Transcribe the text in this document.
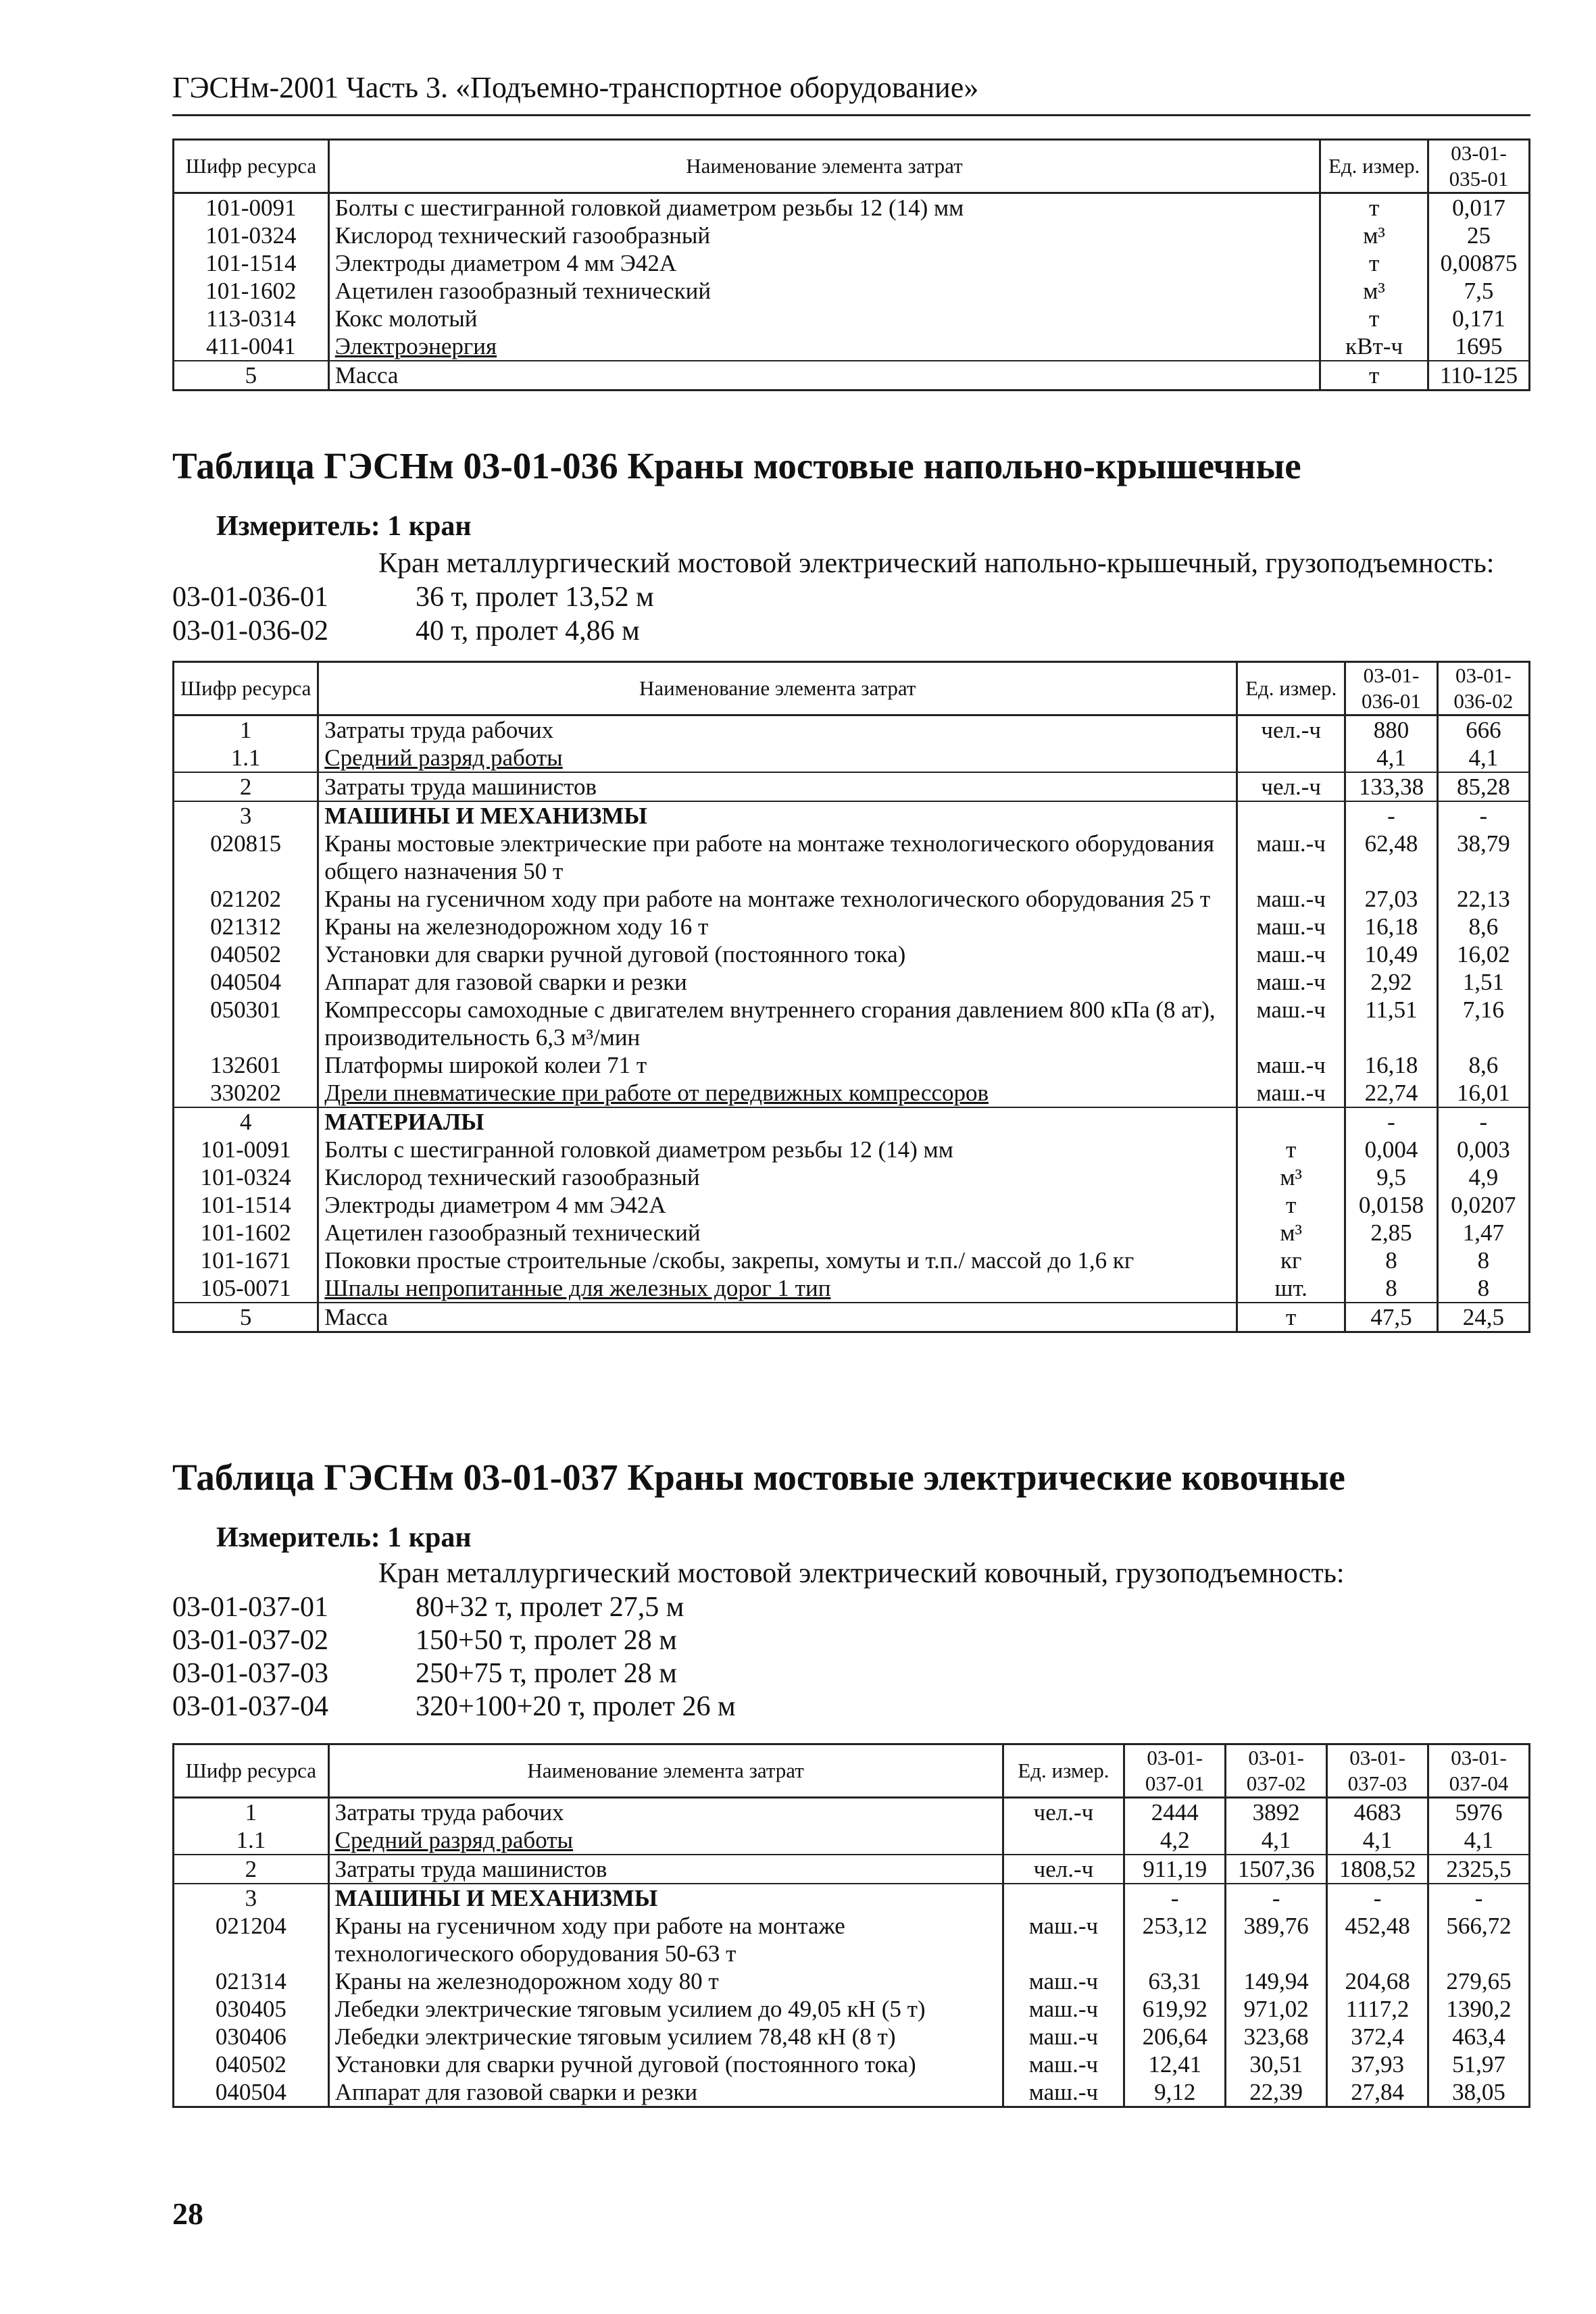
ГЭСНм-2001 Часть 3. «Подъемно-транспортное оборудование»
Шифр ресурса	Наименование элемента затрат	Ед. измер.	03-01-035-01
101-0091	Болты с шестигранной головкой диаметром резьбы 12 (14) мм	т	0,017
101-0324	Кислород технический газообразный	м³	25
101-1514	Электроды диаметром 4 мм Э42А	т	0,00875
101-1602	Ацетилен газообразный технический	м³	7,5
113-0314	Кокс молотый	т	0,171
411-0041	Электроэнергия	кВт-ч	1695
5	Масса	т	110-125
Таблица ГЭСНм 03-01-036 Краны мостовые напольно-крышечные
Измеритель: 1 кран
Кран металлургический мостовой электрический напольно-крышечный, грузоподъемность:
03-01-036-01	36 т, пролет 13,52 м
03-01-036-02	40 т, пролет 4,86 м
Шифр ресурса	Наименование элемента затрат	Ед. измер.	03-01-036-01	03-01-036-02
1	Затраты труда рабочих	чел.-ч	880	666
1.1	Средний разряд работы		4,1	4,1
2	Затраты труда машинистов	чел.-ч	133,38	85,28
3	МАШИНЫ И МЕХАНИЗМЫ		-	-
020815	Краны мостовые электрические при работе на монтаже технологического оборудования общего назначения 50 т	маш.-ч	62,48	38,79
021202	Краны на гусеничном ходу при работе на монтаже технологического оборудования 25 т	маш.-ч	27,03	22,13
021312	Краны на железнодорожном ходу 16 т	маш.-ч	16,18	8,6
040502	Установки для сварки ручной дуговой (постоянного тока)	маш.-ч	10,49	16,02
040504	Аппарат для газовой сварки и резки	маш.-ч	2,92	1,51
050301	Компрессоры самоходные с двигателем внутреннего сгорания давлением 800 кПа (8 ат), производительность 6,3 м³/мин	маш.-ч	11,51	7,16
132601	Платформы широкой колеи 71 т	маш.-ч	16,18	8,6
330202	Дрели пневматические при работе от передвижных компрессоров	маш.-ч	22,74	16,01
4	МАТЕРИАЛЫ		-	-
101-0091	Болты с шестигранной головкой диаметром резьбы 12 (14) мм	т	0,004	0,003
101-0324	Кислород технический газообразный	м³	9,5	4,9
101-1514	Электроды диаметром 4 мм Э42А	т	0,0158	0,0207
101-1602	Ацетилен газообразный технический	м³	2,85	1,47
101-1671	Поковки простые строительные /скобы, закрепы, хомуты и т.п./ массой до 1,6 кг	кг	8	8
105-0071	Шпалы непропитанные для железных дорог 1 тип	шт.	8	8
5	Масса	т	47,5	24,5
Таблица ГЭСНм 03-01-037 Краны мостовые электрические ковочные
Измеритель: 1 кран
Кран металлургический мостовой электрический ковочный, грузоподъемность:
03-01-037-01	80+32 т, пролет 27,5 м
03-01-037-02	150+50 т, пролет 28 м
03-01-037-03	250+75 т, пролет 28 м
03-01-037-04	320+100+20 т, пролет 26 м
Шифр ресурса	Наименование элемента затрат	Ед. измер.	03-01-037-01	03-01-037-02	03-01-037-03	03-01-037-04
1	Затраты труда рабочих	чел.-ч	2444	3892	4683	5976
1.1	Средний разряд работы		4,2	4,1	4,1	4,1
2	Затраты труда машинистов	чел.-ч	911,19	1507,36	1808,52	2325,5
3	МАШИНЫ И МЕХАНИЗМЫ		-	-	-	-
021204	Краны на гусеничном ходу при работе на монтаже технологического оборудования 50-63 т	маш.-ч	253,12	389,76	452,48	566,72
021314	Краны на железнодорожном ходу 80 т	маш.-ч	63,31	149,94	204,68	279,65
030405	Лебедки электрические тяговым усилием до 49,05 кН (5 т)	маш.-ч	619,92	971,02	1117,2	1390,2
030406	Лебедки электрические тяговым усилием 78,48 кН (8 т)	маш.-ч	206,64	323,68	372,4	463,4
040502	Установки для сварки ручной дуговой (постоянного тока)	маш.-ч	12,41	30,51	37,93	51,97
040504	Аппарат для газовой сварки и резки	маш.-ч	9,12	22,39	27,84	38,05
28
